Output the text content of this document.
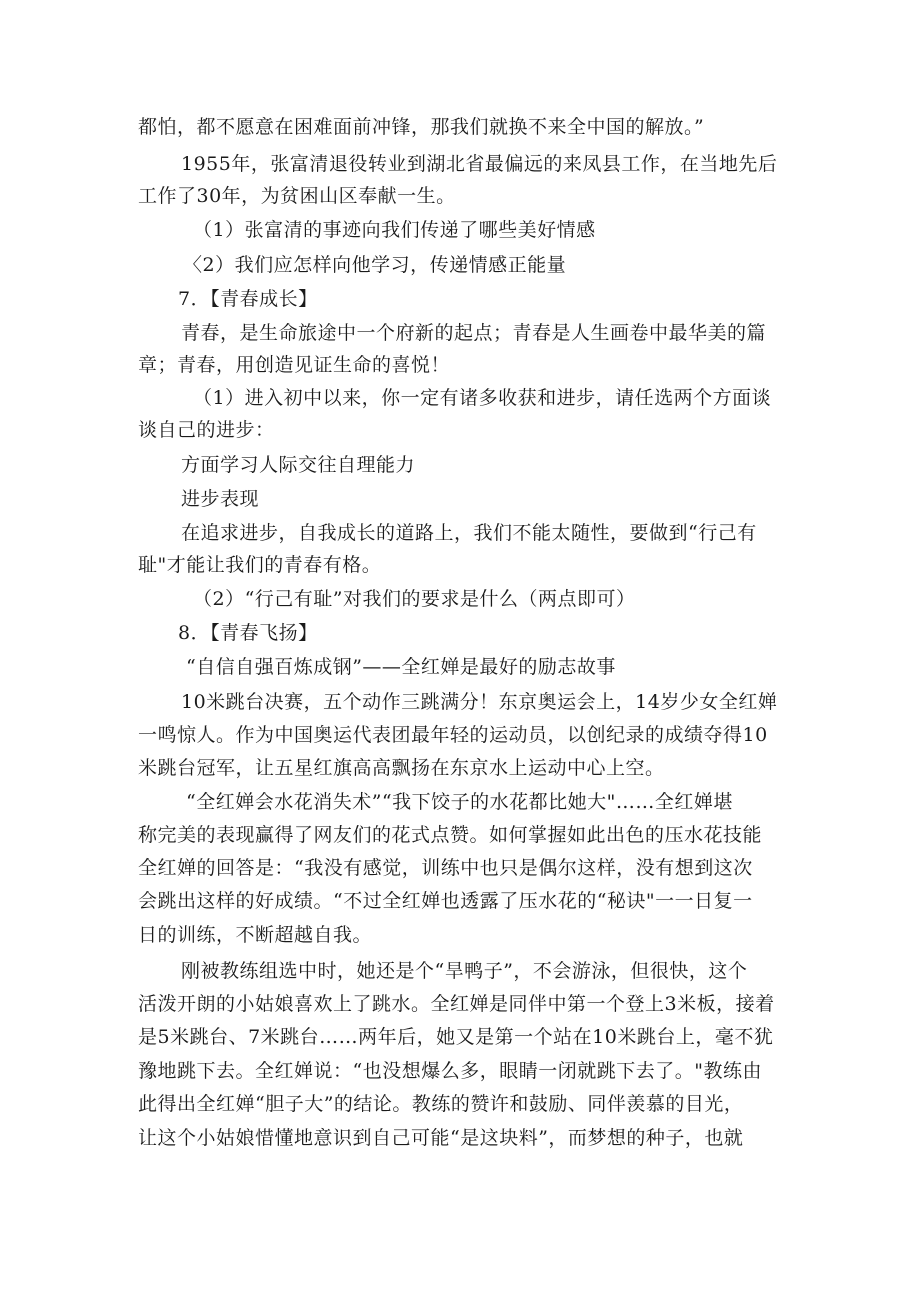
都怕，都不愿意在困难面前冲锋，那我们就换不来全中国的解放。”
1955年，张富清退役转业到湖北省最偏远的来凤县工作，在当地先后
工作了30年，为贫困山区奉献一生。
（1）张富清的事迹向我们传递了哪些美好情感
〈2）我们应怎样向他学习，传递情感正能量
7．【青春成长】
青春，是生命旅途中一个府新的起点；青春是人生画卷中最华美的篇
章；青春，用创造见证生命的喜悦！
（1）进入初中以来，你一定有诸多收获和进步，请任选两个方面谈
谈自己的进步：
方面学习人际交往自理能力
进步表现
在追求进步，自我成长的道路上，我们不能太随性，要做到“行己有
耻"才能让我们的青春有格。
（2）“行己有耻”对我们的要求是什么（两点即可）
8．【青春飞扬】
“自信自强百炼成钢”——全红婵是最好的励志故事
10米跳台决赛，五个动作三跳满分！东京奥运会上，14岁少女全红婵
一鸣惊人。作为中国奥运代表团最年轻的运动员，以创纪录的成绩夺得10
米跳台冠军，让五星红旗高高飘扬在东京水上运动中心上空。
“全红婵会水花消失术”“我下饺子的水花都比她大"……全红婵堪
称完美的表现赢得了网友们的花式点赞。如何掌握如此出色的压水花技能
全红婵的回答是：“我没有感觉，训练中也只是偶尔这样，没有想到这次
会跳出这样的好成绩。“不过全红婵也透露了压水花的“秘诀"一一日复一
日的训练，不断超越自我。
刚被教练组选中时，她还是个“旱鸭子”，不会游泳，但很快，这个
活泼开朗的小姑娘喜欢上了跳水。全红婵是同伴中第一个登上3米板，接着
是5米跳台、7米跳台……两年后，她又是第一个站在10米跳台上，毫不犹
豫地跳下去。全红婵说：“也没想爆么多，眼睛一闭就跳下去了。"教练由
此得出全红婵“胆子大”的结论。教练的赞许和鼓励、同伴羡慕的目光，
让这个小姑娘惜懂地意识到自己可能“是这块料”，而梦想的种子，也就
